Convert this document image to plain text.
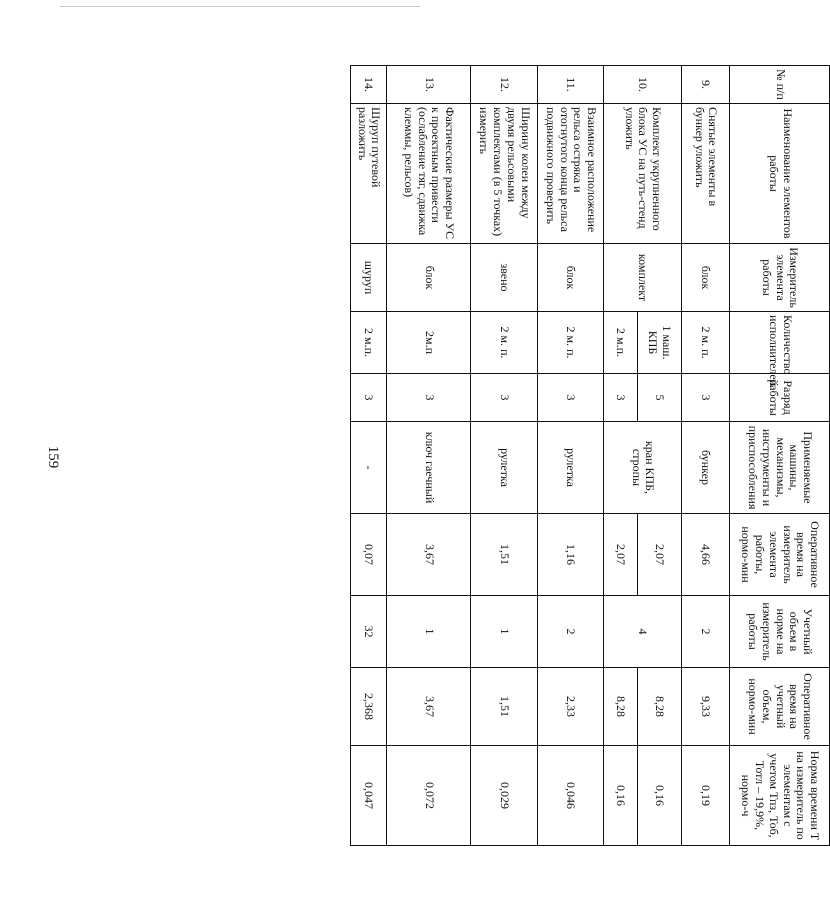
159
№ п/п	Наименование элементов работы	Измеритель элемента работы	Количество исполнителей	Разряд работы	Применяемые машины, механизмы, инструменты и приспособления	Оперативное время на измеритель элемента работы, нормо-мин	Учетный объем в норме на измеритель работы	Оперативное время на учетный объем, нормо-мин	Норма времени Т на измеритель по элементам с учетом Тпз, Тоб, Тотл – 19,9%, нормо-ч
9.	Снятые элементы в бункер уложить	блок	2 м. п.	3	бункер	4,66	2	9,33	0,19
10.	Комплект укрупненного блока УС на путь-стенд уложить	комплект	1 маш. КПБ	5	кран КПБ, стропы	2,07	4	8,28	0,16
			2 м.п.	3		2,07		8,28	0,16
11.	Взаимное расположение рельса остряка и отогнутого конца рельса подвижного проверить	блок	2 м. п.	3	рулетка	1,16	2	2,33	0,046
12.	Ширину колеи между двумя рельсовыми комплектами (в 5 точках) измерить	звено	2 м. п.	3	рулетка	1,51	1	1,51	0,029
13.	Фактические размеры УС к проектным привести (ослабление тяг, сдвижка клеммы, рельсов)	блок	2м.п	3	ключ гаечный	3,67	1	3,67	0,072
14.	Шуруп путевой разложить	шуруп	2 м.п.	3	-	0,07	32	2,368	0,047
